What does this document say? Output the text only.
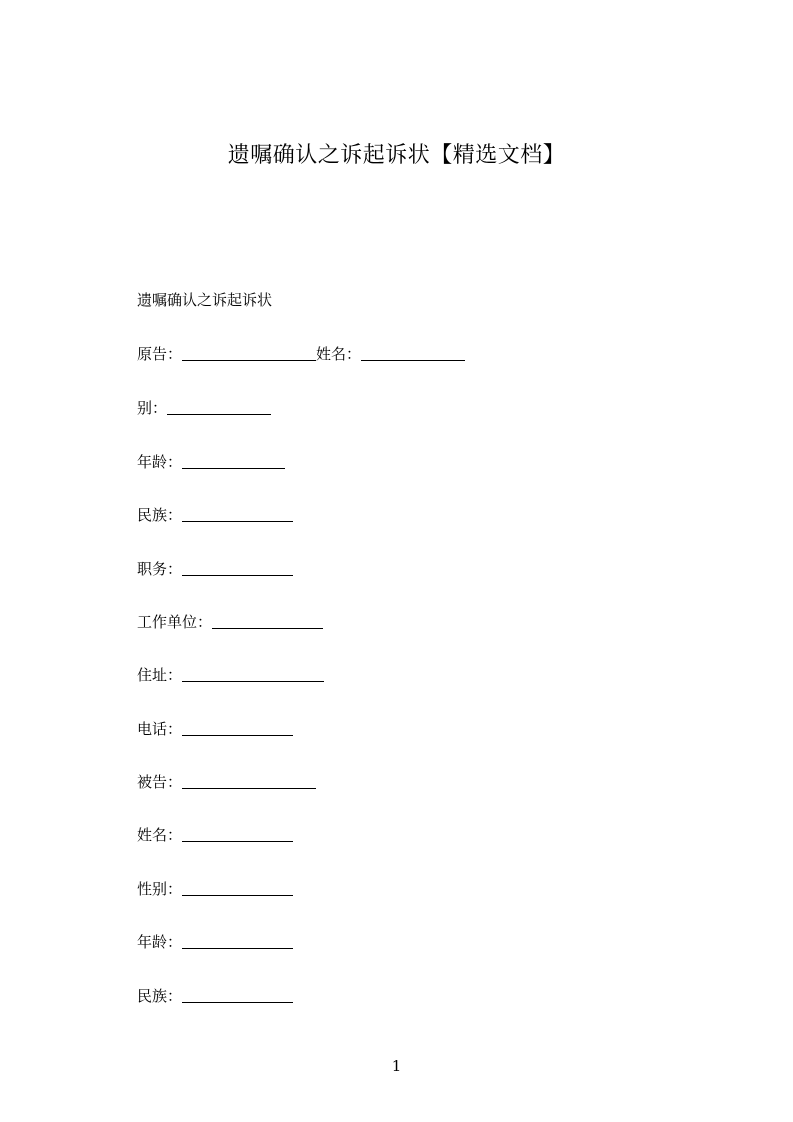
遗嘱确认之诉起诉状【精选文档】
遗嘱确认之诉起诉状
原告：	姓名：
别：
年龄：
民族：
职务：
工作单位：
住址：
电话：
被告：
姓名：
性别：
年龄：
民族：
1
